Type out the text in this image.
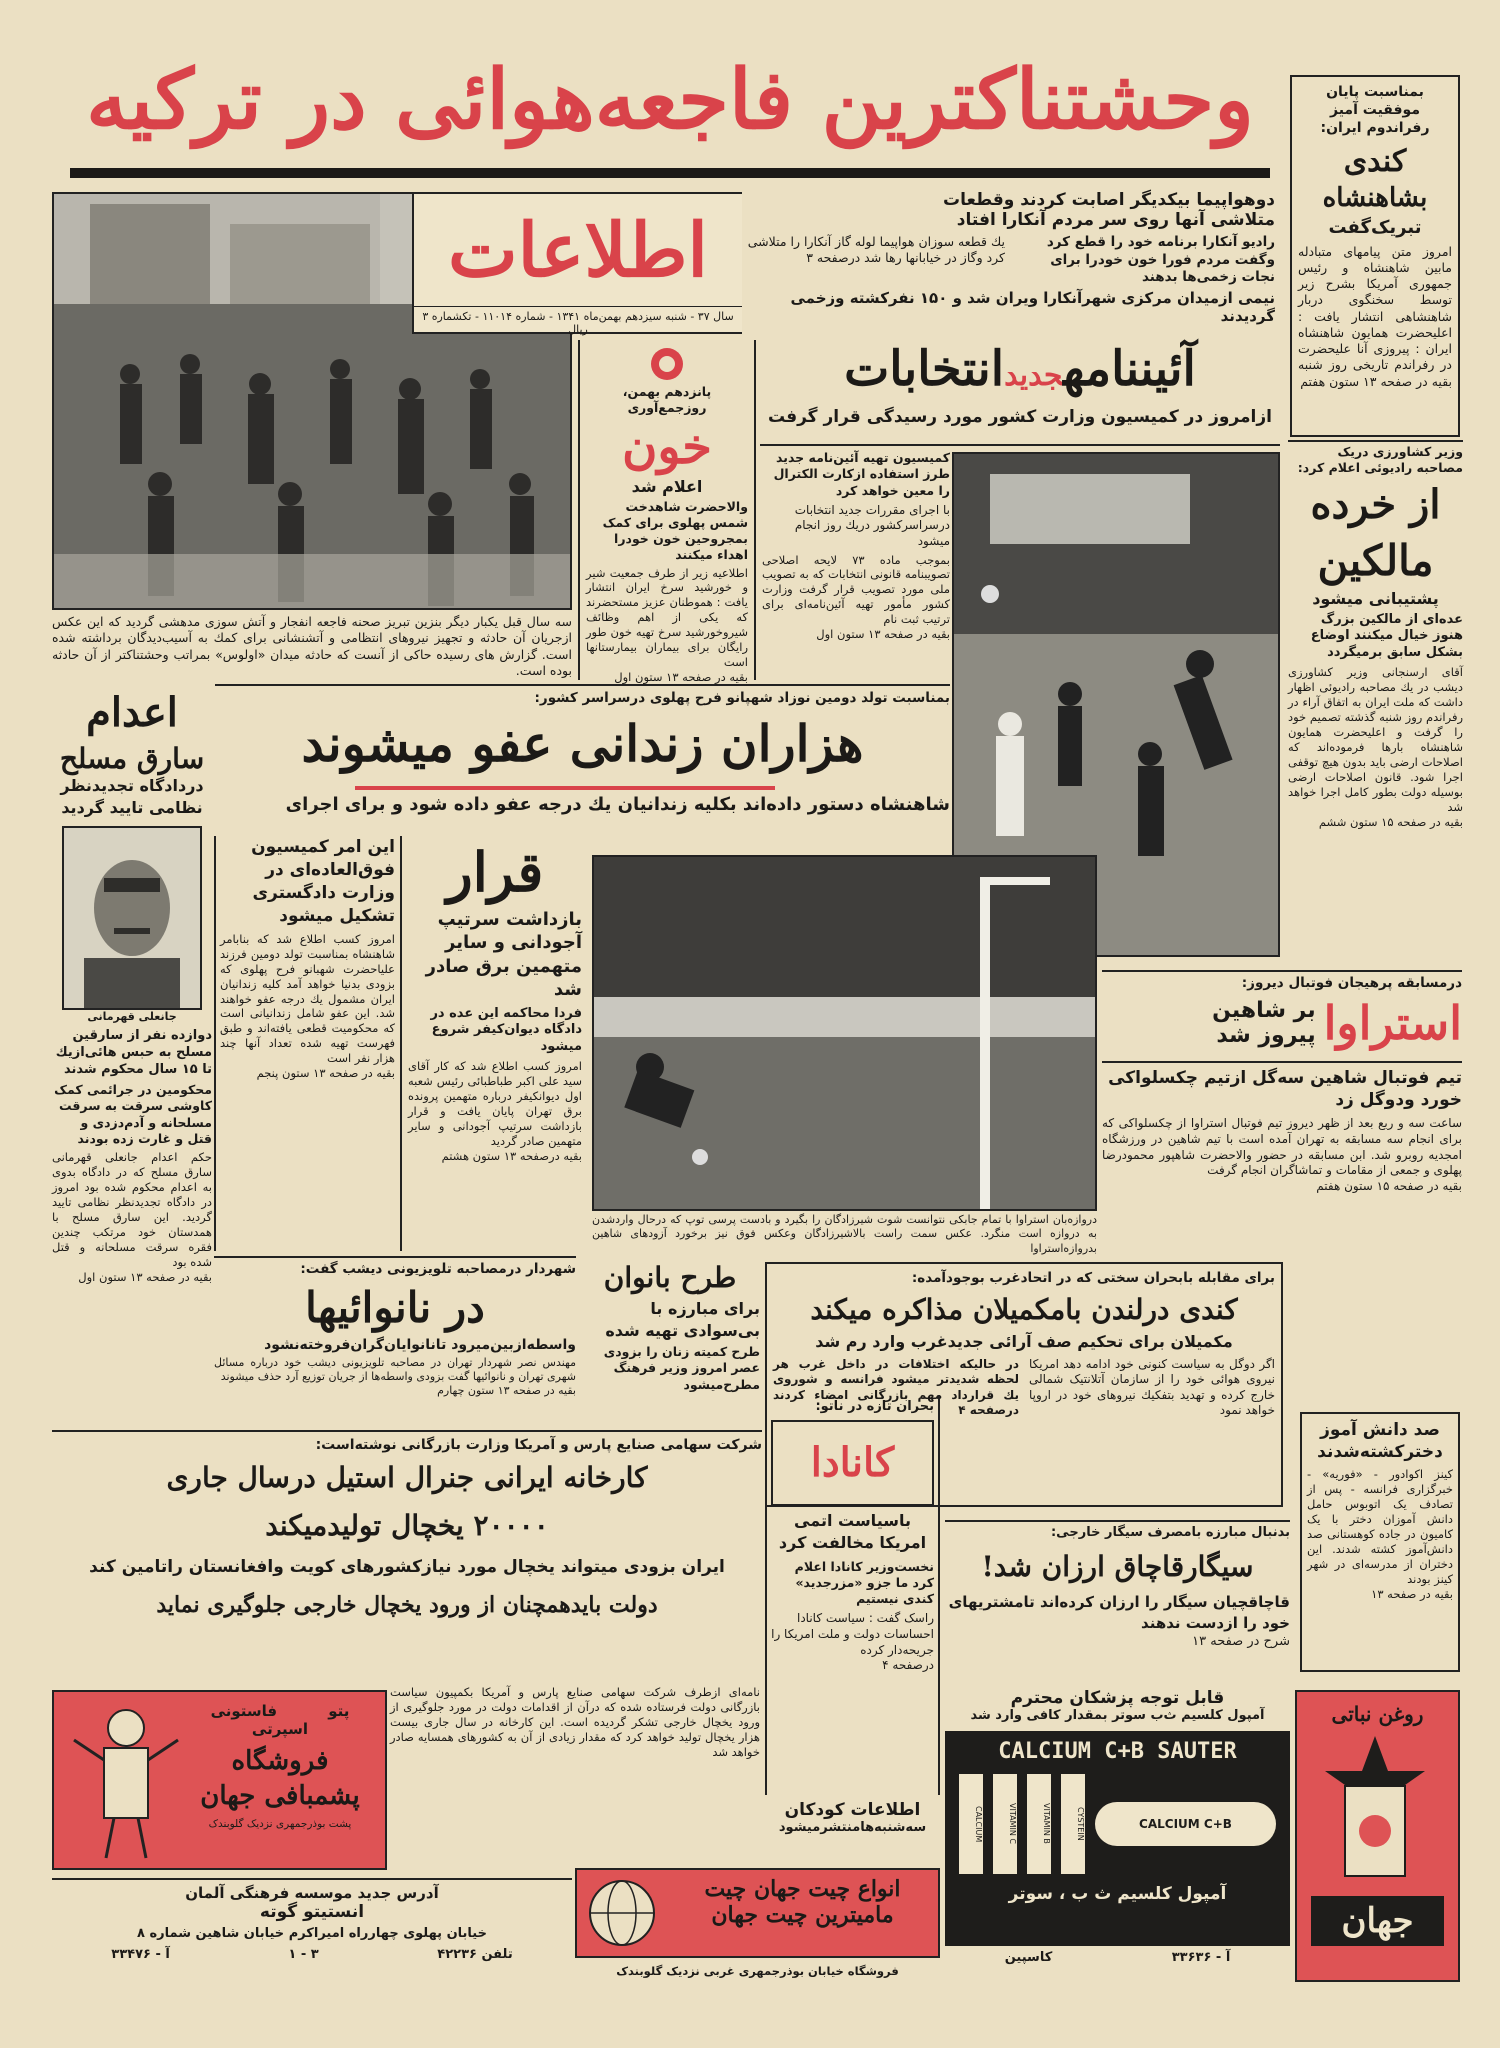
وحشتناکترین فاجعه‌هوائی در ترکیه	بمناسبت پایان موفقیت آمیز رفراندوم ایران:
کندی
بشاهنشاه
تبریک‌گفت
امروز متن پیامهای متبادله مابین شاهنشاه و رئیس جمهوری آمریکا بشرح زیر توسط سخنگوی دربار شاهنشاهی انتشار یافت : اعلیحضرت همایون شاهنشاه ایران : پیروزی آنا علیحضرت در رفراندم تاریخی روز شنبه بقیه در صفحه ۱۳ ستون هفتم
سه سال قبل یکبار دیگر بنزین تبریز صحنه فاجعه انفجار و آتش سوزی مدهشی گردید که این عکس ازجریان آن حادثه و تجهیز نیروهای انتظامی و آتشنشانی برای کمك به آسیب‌دیدگان برداشته شده است. گزارش های رسیده حاکی از آنست که حادثه میدان «اولوس» بمراتب وحشتناکتر از آن حادثه بوده است.
اطلاعات
سال ۳۷ - شنبه سیزدهم بهمن‌ماه ۱۳۴۱ - شماره ۱۱۰۱۴ - تکشماره ۳ ریال
دوهواپیما بیکدیگر اصابت کردند وقطعات
متلاشی آنها روی سر مردم آنکارا افتاد
رادیو آنکارا برنامه خود را قطع کرد وگفت مردم فورا خون خودرا برای نجات زخمی‌ها بدهند
یك قطعه سوزان هواپیما لوله گاز آنکارا را متلاشی کرد وگاز در خیابانها رها شد درصفحه ۳
نیمی ازمیدان مرکزی شهرآنکارا ویران شد و ۱۵۰ نفرکشته وزخمی گردیدند
پانزدهم بهمن، روزجمع‌آوری
خون
اعلام شد
والاحضرت شاهدخت شمس پهلوی برای کمک بمجروحین خون خودرا اهداء میکنند
اطلاعیه زیر از طرف جمعیت شیر و خورشید سرخ ایران انتشار یافت : هموطنان عزیز مستحضرند که یکی از اهم وظائف شیروخورشید سرخ تهیه خون طور رایگان برای بیماران بیمارستانها است
بقیه در صفحه ۱۳ ستون اول
آئیننامهجدیدانتخابات
ازامروز در کمیسیون وزارت کشور مورد رسیدگی قرار گرفت
کمیسیون تهیه آئین‌نامه جدید طرز استفاده ازکارت الکترال را معین خواهد کرد
با اجرای مقررات جدید انتخابات درسراسرکشور دریك روز انجام میشود
بموجب ماده ۷۳ لایحه اصلاحی تصویبنامه قانونی انتخابات که به تصویب ملی مورد تصویب قرار گرفت وزارت کشور مأمور تهیه آئین‌نامه‌ای برای ترتیب ثبت نام
بقیه در صفحه ۱۳ ستون اول
وزیر کشاورزی دریک مصاحبه رادیوئی اعلام کرد:
از خرده
مالکین
پشتیبانی میشود
عده‌ای از مالکین بزرگ هنوز خیال میکنند اوضاع بشکل سابق برمیگردد
آقای ارسنجانی وزیر کشاورزی دیشب در یك مصاحبه رادیوئی اظهار داشت که ملت ایران به اتفاق آراء در رفراندم روز شنبه گذشته تصمیم خود را گرفت و اعلیحضرت همایون شاهنشاه بارها فرموده‌اند که اصلاحات ارضی باید بدون هیچ توقفی اجرا شود. قانون اصلاحات ارضی بوسیله دولت بطور کامل اجرا خواهد شد
بقیه در صفحه ۱۵ ستون ششم
بمناسبت تولد دومین نوزاد شهپانو فرح پهلوی درسراسر کشور:
هزاران زندانی عفو میشوند
شاهنشاه دستور داده‌اند بکلیه زندانیان یك درجه عفو داده شود و برای اجرای
اعدام
سارق مسلح
دردادگاه تجدیدنظر نظامی تایید گردید
جانعلی قهرمانی
دوازده نفر از سارقین مسلح به حبس هائی‌ازیك تا ۱۵ سال محکوم شدند
محکومین در جرائمی کمک کاوشی سرقت‌ به سرقت مسلحانه و آدم‌دزدی و قتل و غارت زده بودند
حکم اعدام جانعلی قهرمانی سارق مسلح که در دادگاه بدوی به اعدام محکوم شده بود امروز در دادگاه تجدیدنظر نظامی تایید گردید. این سارق مسلح با همدستان خود مرتکب چندین فقره سرقت مسلحانه و قتل شده بود
بقیه در صفحه ۱۳ ستون اول
این امر کمیسیون فوق‌العاده‌ای در وزارت دادگستری تشکیل میشود
امروز کسب اطلاع شد که بنابامر شاهنشاه بمناسبت تولد دومین فرزند علیاحضرت شهبانو فرح پهلوی که بزودی بدنیا خواهد آمد کلیه زندانیان ایران مشمول یك درجه عفو خواهند شد. این عفو شامل زندانیانی است که محکومیت قطعی یافته‌اند و طبق فهرست تهیه شده تعداد آنها چند هزار نفر است
بقیه در صفحه ۱۳ ستون پنجم
قرار
بازداشت سرتیپ آجودانی و سایر متهمین برق صادر شد
فردا محاکمه این عده در دادگاه دیوان‌کیفر شروع میشود
امروز کسب اطلاع شد که کار آقای سید علی اکبر طباطبائی رئیس شعبه اول دیوانکیفر درباره متهمین پرونده برق تهران پایان یافت و قرار بازداشت سرتیپ آجودانی و سایر متهمین صادر گردید
بقیه درصفحه ۱۳ ستون هشتم
دروازه‌بان استراوا با تمام جابکی نتوانست شوت شیرزادگان را بگیرد و بادست پرسی توپ که درحال واردشدن به دروازه است منگرد. عکس سمت راست بالاشیرزادگان وعکس فوق نیز برخورد آزودهای شاهین بدروازه‌استراوا
درمسابقه پرهیجان فوتبال دیروز:
استراوا
بر شاهین
پیروز شد
تیم فوتبال شاهین سه‌گل ازتیم چکسلواکی خورد ودوگل زد
ساعت سه و ربع بعد از ظهر دیروز تیم فوتبال استراوا از چکسلواکی که برای انجام سه مسابقه به تهران آمده است با تیم شاهین در ورزشگاه امجدیه روبرو شد. ابن مسابقه در حضور والاحضرت شاهپور محمودرضا پهلوی و جمعی از مقامات و تماشاگران انجام گرفت
بقیه در صفحه ۱۵ ستون هفتم
برای مقابله بابحران سختی که در اتحادغرب بوجودآمده:
کندی درلندن بامکمیلان مذاکره میکند
مکمیلان برای تحکیم صف آرائی جدیدغرب وارد رم شد
اگر دوگل به سیاست کنونی خود ادامه دهد امریکا نیروی هوائی خود را از سازمان آتلانتیک شمالی خارج کرده و تهدید بتفکیك نیروهای خود در اروپا خواهد نمود
در حالیکه اختلافات در داخل غرب هر لحظه شدیدتر میشود فرانسه و شوروی یك قرارداد مهم بازرگانی امضاء کردند درصفحه ۴
صد دانش آموز دخترکشته‌شدند
کینز اکوادور - «فوریه» - خبرگزاری فرانسه - پس از تصادف یک اتوبوس حامل دانش آموزان دختر با یک کامیون در جاده کوهستانی صد دانش‌آموز کشته شدند. این دختران از مدرسه‌ای در شهر کینز بودند
بقیه در صفحه ۱۳
طرح بانوان
برای مبارزه با بی‌سوادی تهیه شده
طرح کمیته زنان را بزودی عصر امروز وزیر فرهنگ مطرح‌میشود
شهردار درمصاحبه تلویزیونی دیشب گفت:
در نانوائیها
واسطه‌ازبین‌میرود تانانوایان‌گران‌فروخته‌نشود
مهندس نصر شهردار تهران در مصاحبه تلویزیونی دیشب خود درباره مسائل شهری تهران و نانوائیها گفت بزودی واسطه‌ها از جریان توزیع آرد حذف میشوند
بقیه در صفحه ۱۳ ستون چهارم
شرکت سهامی صنایع پارس و آمریکا وزارت بازرگانی نوشته‌است:
کارخانه ایرانی جنرال استیل درسال جاری
۲۰۰۰۰ یخچال تولیدمیکند
ایران بزودی میتواند یخچال مورد نیازکشورهای کویت وافغانستان راتامین کند
دولت بایدهمچنان از ورود یخچال خارجی جلوگیری نماید
نامه‌ای ازطرف شرکت سهامی صنایع پارس و آمریکا بکمپیون سیاست بازرگانی دولت فرستاده شده که درآن از اقدامات دولت در مورد جلوگیری از ورود یخچال خارجی تشکر گردیده است. این کارخانه در سال جاری بیست هزار یخچال تولید خواهد کرد که مقدار زیادی از آن به کشورهای همسایه صادر خواهد شد
بحران تازه در ناتو:
کانادا
باسیاست اتمی امریکا مخالفت کرد
نخست‌وزیر کانادا اعلام کرد ما جزو «مزرجدید» کندی نیستیم
راسک گفت : سیاست کانادا احساسات دولت و ملت امریکا را جریحه‌دار کرده
درصفحه ۴
بدنبال مبارزه بامصرف سیگار خارجی:
سیگارقاچاق ارزان شد!
قاچاقچیان سیگار را ارزان کرده‌اند تامشتریهای خود را ازدست ندهند
شرح در صفحه ۱۳
اطلاعات کودکان
سه‌شنبه‌هامنتشرمیشود
پتو
فاستونی
اسپرتی
فروشگاه پشمبافی جهان
پشت بوذرجمهری نزدیک گلوبندک
آدرس جدید موسسه فرهنگی آلمان
انستیتو گوته
خیابان پهلوی چهارراه امیراکرم خیابان شاهین شماره ۸
تلفن ۴۲۲۳۶
۳ - ۱
آ - ۳۳۴۷۶
انواع چیت جهان چیت
مامیترین چیت جهان
فروشگاه خیابان بوذرجمهری غربی نزدیک گلوبندک
قابل توجه پزشکان محترم
آمپول کلسیم ث‌ب سوتر بمقدار کافی وارد شد
CALCIUM C+B SAUTER
CALCIUM	VITAMIN C	VITAMIN B	CYSTEIN	CALCIUM C+B
آمپول کلسیم ث‌ ب ، سوتر
آ - ۳۳۶۳۶
کاسپین
روغن نباتی
جهان
